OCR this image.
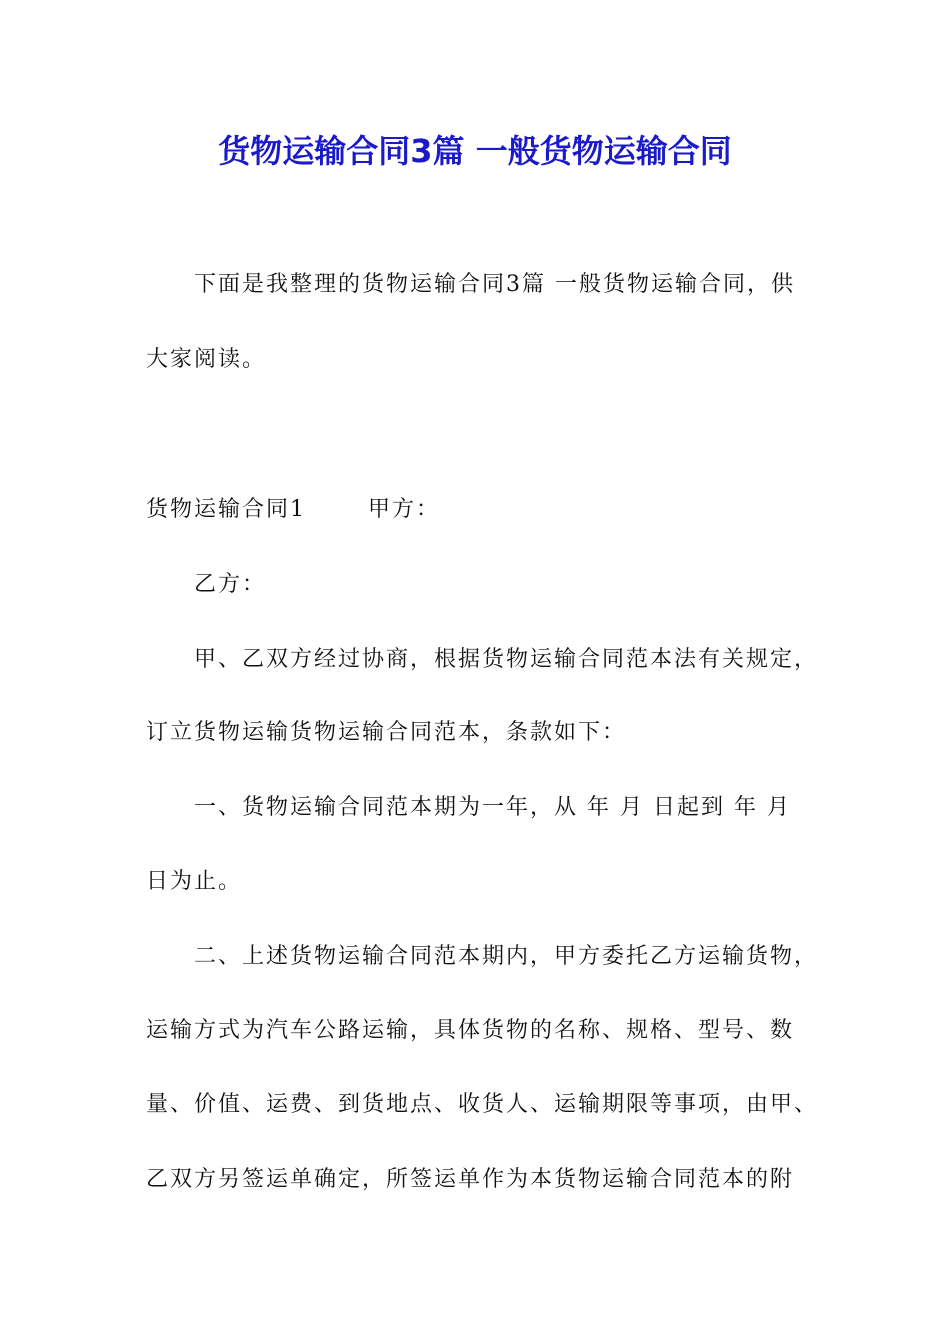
货物运输合同3篇 一般货物运输合同
下面是我整理的货物运输合同3篇 一般货物运输合同，供
大家阅读。
货物运输合同1	甲方：
乙方：
甲、乙双方经过协商，根据货物运输合同范本法有关规定，
订立货物运输货物运输合同范本，条款如下：
一、货物运输合同范本期为一年，从 年 月 日起到 年 月
日为止。
二、上述货物运输合同范本期内，甲方委托乙方运输货物，
运输方式为汽车公路运输，具体货物的名称、规格、型号、数
量、价值、运费、到货地点、收货人、运输期限等事项，由甲、
乙双方另签运单确定，所签运单作为本货物运输合同范本的附
